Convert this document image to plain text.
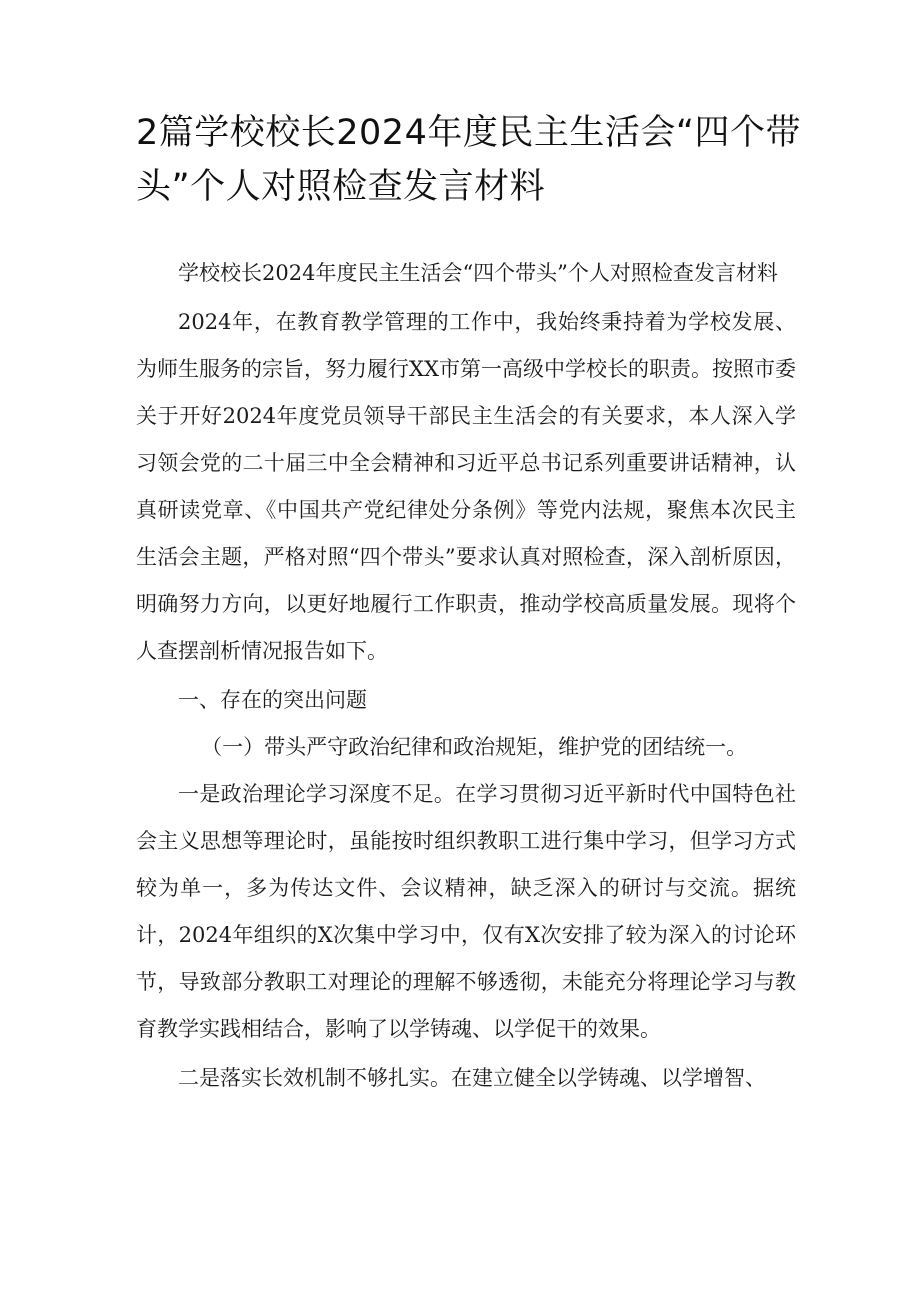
2篇学校校长2024年度民主生活会“四个带头”个人对照检查发言材料

学校校长2024年度民主生活会“四个带头”个人对照检查发言材料

2024年，在教育教学管理的工作中，我始终秉持着为学校发展、为师生服务的宗旨，努力履行XX市第一高级中学校长的职责。按照市委关于开好2024年度党员领导干部民主生活会的有关要求，本人深入学习领会党的二十届三中全会精神和习近平总书记系列重要讲话精神，认真研读党章、《中国共产党纪律处分条例》等党内法规，聚焦本次民主生活会主题，严格对照“四个带头”要求认真对照检查，深入剖析原因，明确努力方向，以更好地履行工作职责，推动学校高质量发展。现将个人查摆剖析情况报告如下。

一、存在的突出问题

（一）带头严守政治纪律和政治规矩，维护党的团结统一。

一是政治理论学习深度不足。在学习贯彻习近平新时代中国特色社会主义思想等理论时，虽能按时组织教职工进行集中学习，但学习方式较为单一，多为传达文件、会议精神，缺乏深入的研讨与交流。据统计，2024年组织的X次集中学习中，仅有X次安排了较为深入的讨论环节，导致部分教职工对理论的理解不够透彻，未能充分将理论学习与教育教学实践相结合，影响了以学铸魂、以学促干的效果。

二是落实长效机制不够扎实。在建立健全以学铸魂、以学增智、
